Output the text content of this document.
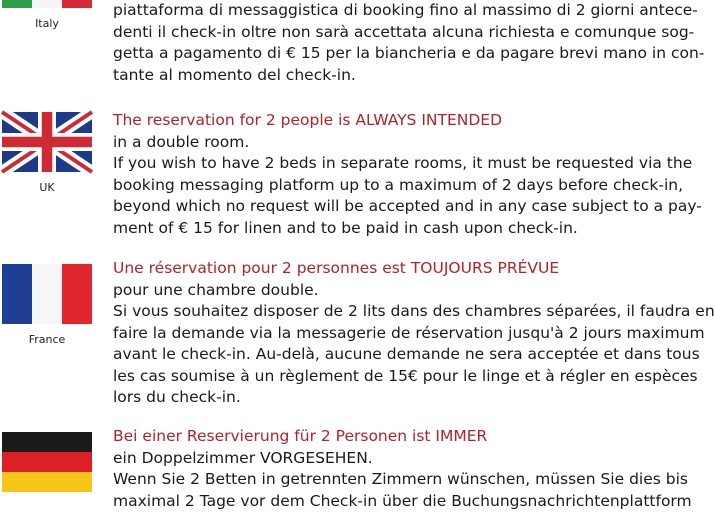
Italy
piattaforma di messaggistica di booking fino al massimo di 2 giorni antece-
denti il check-in oltre non sarà accettata alcuna richiesta e comunque sog-
getta a pagamento di € 15 per la biancheria e da pagare brevi mano in con-
tante al momento del check-in.
UK
The reservation for 2 people is ALWAYS INTENDED
in a double room.
If you wish to have 2 beds in separate rooms, it must be requested via the
booking messaging platform up to a maximum of 2 days before check-in,
beyond which no request will be accepted and in any case subject to a pay-
ment of € 15 for linen and to be paid in cash upon check-in.
France
Une réservation pour 2 personnes est TOUJOURS PRÉVUE
pour une chambre double.
Si vous souhaitez disposer de 2 lits dans des chambres séparées, il faudra en
faire la demande via la messagerie de réservation jusqu'à 2 jours maximum
avant le check-in. Au-delà, aucune demande ne sera acceptée et dans tous
les cas soumise à un règlement de 15€ pour le linge et à régler en espèces
lors du check-in.
Bei einer Reservierung für 2 Personen ist IMMER
ein Doppelzimmer VORGESEHEN.
Wenn Sie 2 Betten in getrennten Zimmern wünschen, müssen Sie dies bis
maximal 2 Tage vor dem Check-in über die Buchungsnachrichtenplattform
